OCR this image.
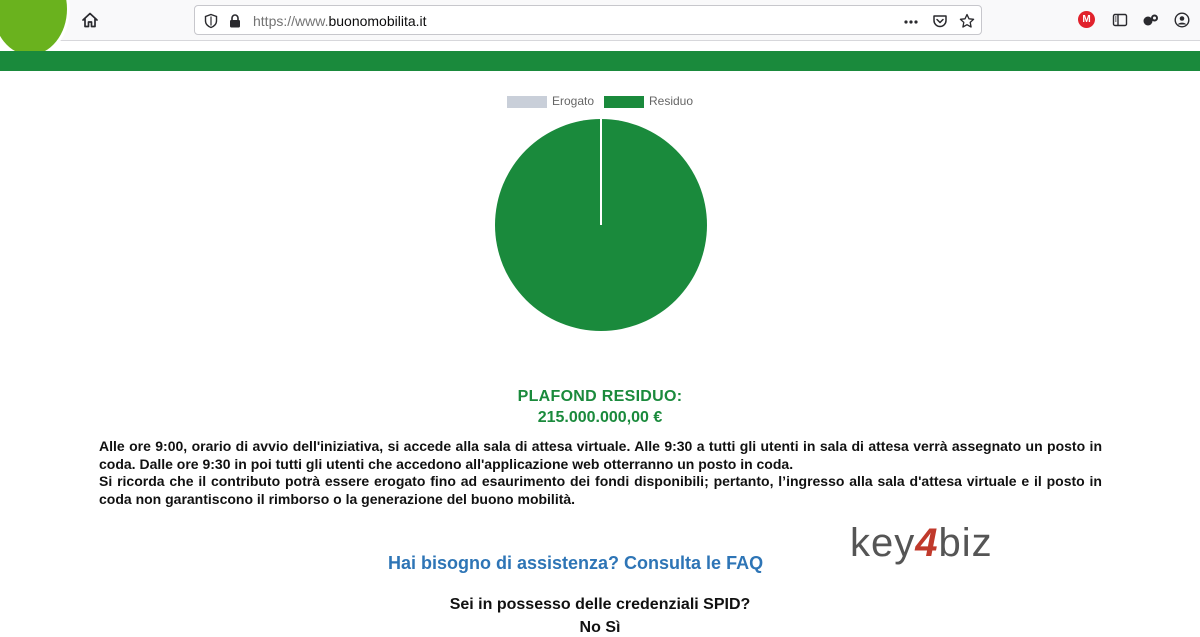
https://www.buonomobilita.it	M
Erogato	Residuo
PLAFOND RESIDUO:
215.000.000,00 €

Alle ore 9:00, orario di avvio dell'iniziativa, si accede alla sala di attesa virtuale. Alle 9:30 a tutti gli utenti in sala di attesa verrà assegnato un posto in coda. Dalle ore 9:30 in poi tutti gli utenti che accedono all'applicazione web otterranno un posto in coda.

Si ricorda che il contributo potrà essere erogato fino ad esaurimento dei fondi disponibili; pertanto, l’ingresso alla sala d'attesa virtuale e il posto in coda non garantiscono il rimborso o la generazione del buono mobilità.

Hai bisogno di assistenza? Consulta le FAQ key4biz
Sei in possesso delle credenziali SPID?
No Sì
